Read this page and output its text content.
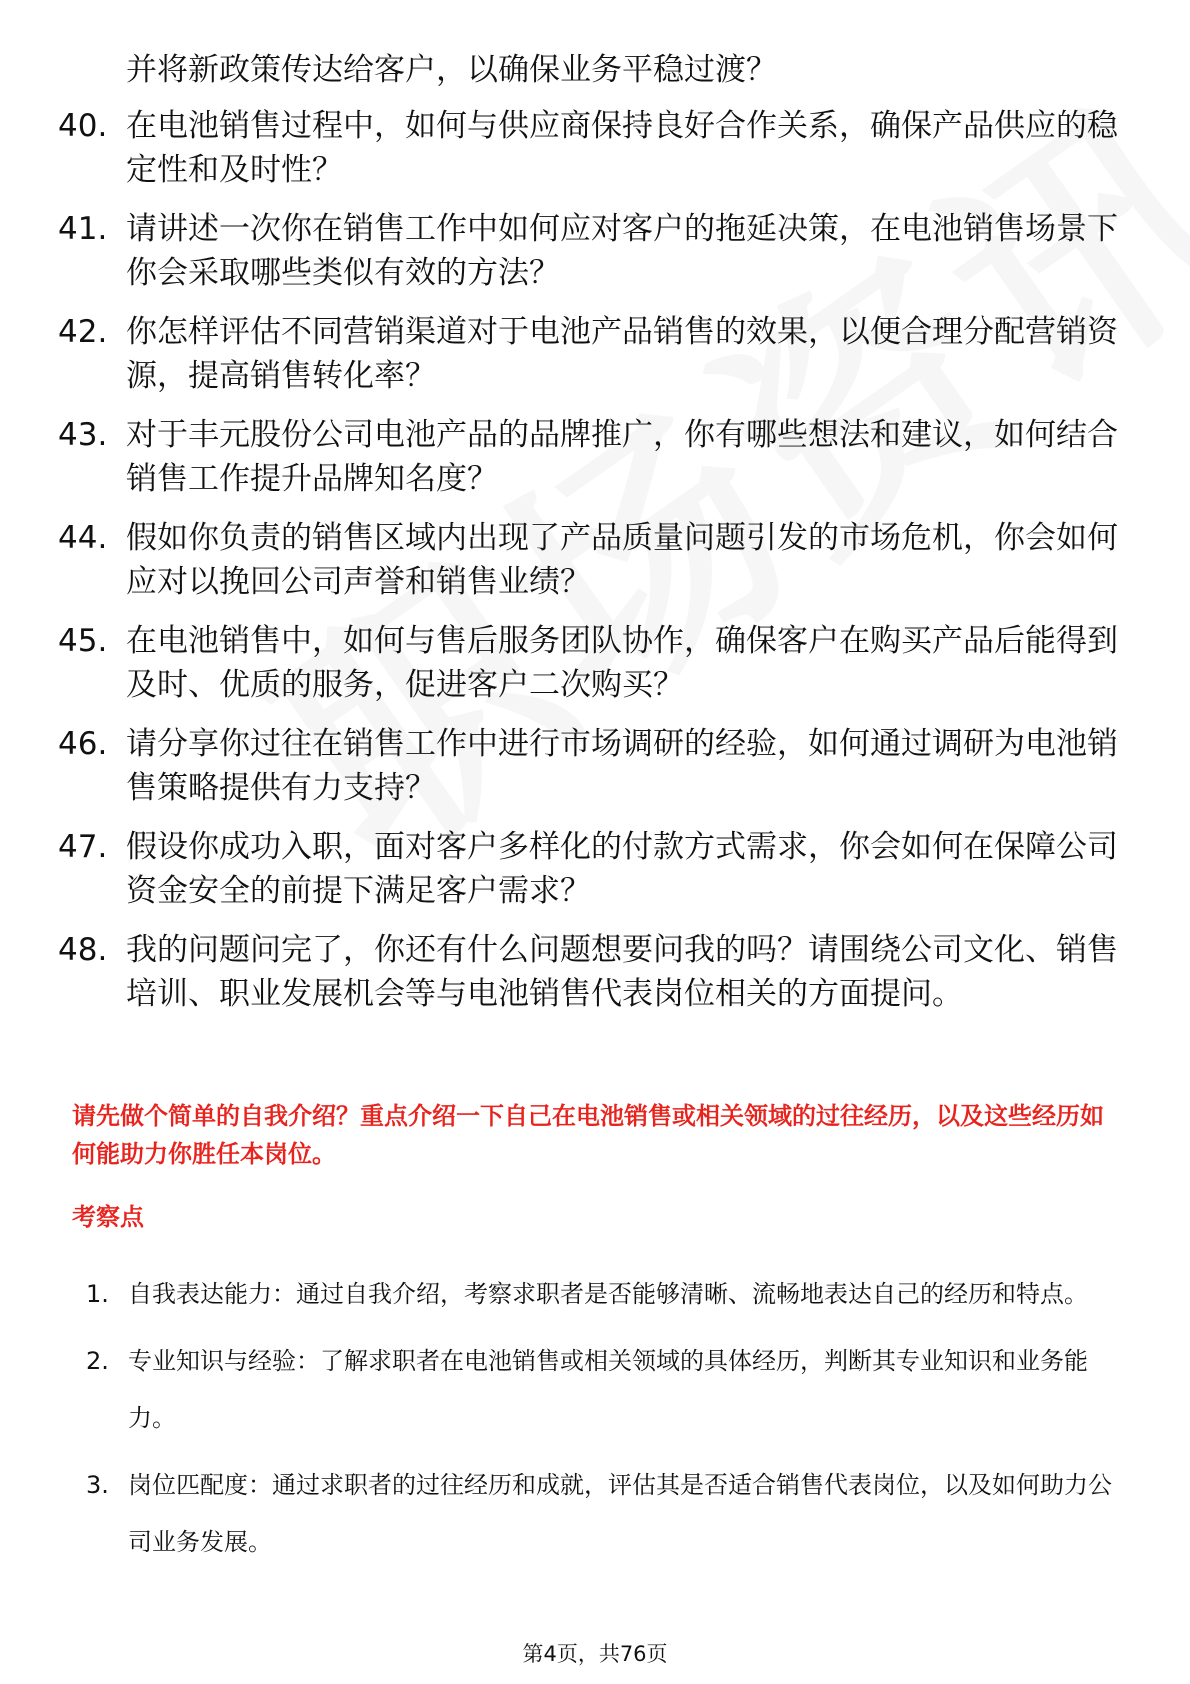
并将新政策传达给客户，以确保业务平稳过渡？
40. 在电池销售过程中，如何与供应商保持良好合作关系，确保产品供应的稳定性和及时性？
41. 请讲述一次你在销售工作中如何应对客户的拖延决策，在电池销售场景下你会采取哪些类似有效的方法？
42. 你怎样评估不同营销渠道对于电池产品销售的效果，以便合理分配营销资源，提高销售转化率？
43. 对于丰元股份公司电池产品的品牌推广，你有哪些想法和建议，如何结合销售工作提升品牌知名度？
44. 假如你负责的销售区域内出现了产品质量问题引发的市场危机，你会如何应对以挽回公司声誉和销售业绩？
45. 在电池销售中，如何与售后服务团队协作，确保客户在购买产品后能得到及时、优质的服务，促进客户二次购买？
46. 请分享你过往在销售工作中进行市场调研的经验，如何通过调研为电池销售策略提供有力支持？
47. 假设你成功入职，面对客户多样化的付款方式需求，你会如何在保障公司资金安全的前提下满足客户需求？
48. 我的问题问完了，你还有什么问题想要问我的吗？请围绕公司文化、销售培训、职业发展机会等与电池销售代表岗位相关的方面提问。
请先做个简单的自我介绍？重点介绍一下自己在电池销售或相关领域的过往经历，以及这些经历如何能助力你胜任本岗位。
考察点
1. 自我表达能力：通过自我介绍，考察求职者是否能够清晰、流畅地表达自己的经历和特点。
2. 专业知识与经验：了解求职者在电池销售或相关领域的具体经历，判断其专业知识和业务能力。
3. 岗位匹配度：通过求职者的过往经历和成就，评估其是否适合销售代表岗位，以及如何助力公司业务发展。
第4页，共76页
